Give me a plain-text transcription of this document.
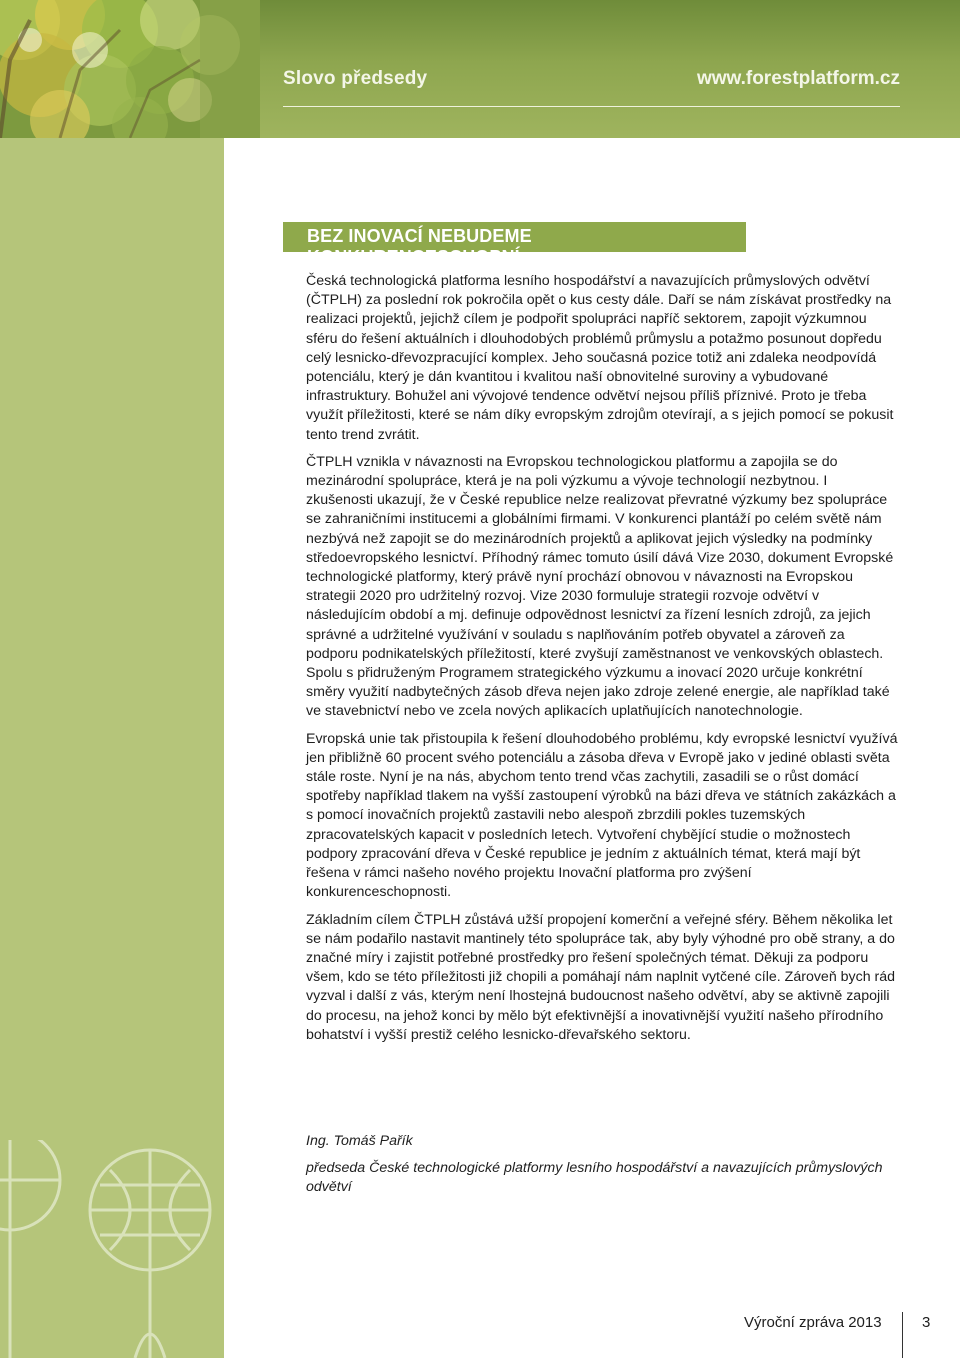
Slovo předsedy	www.forestplatform.cz
BEZ INOVACÍ NEBUDEME KONKURENCESCHOPNÍ

Česká technologická platforma lesního hospodářství a navazujících průmyslových odvětví (ČTPLH) za poslední rok pokročila opět o kus cesty dále. Daří se nám získávat prostředky na realizaci projektů, jejichž cílem je podpořit spolupráci napříč sektorem, zapojit výzkumnou sféru do řešení aktuálních i dlouhodobých problémů průmyslu a potažmo posunout dopředu celý lesnicko-dřevozpracující komplex. Jeho současná pozice totiž ani zdaleka neodpovídá potenciálu, který je dán kvantitou i kvalitou naší obnovitelné suroviny a vybudované infrastruktury. Bohužel ani vývojové tendence odvětví nejsou příliš příznivé. Proto je třeba využít příležitosti, které se nám díky evropským zdrojům otevírají, a s jejich pomocí se pokusit tento trend zvrátit.

ČTPLH vznikla v návaznosti na Evropskou technologickou platformu a zapojila se do mezinárodní spolupráce, která je na poli výzkumu a vývoje technologií nezbytnou. I zkušenosti ukazují, že v České republice nelze realizovat převratné výzkumy bez spolupráce se zahraničními institucemi a globálními firmami. V konkurenci plantáží po celém světě nám nezbývá než zapojit se do mezinárodních projektů a aplikovat jejich výsledky na podmínky středoevropského lesnictví. Příhodný rámec tomuto úsilí dává Vize 2030, dokument Evropské technologické platformy, který právě nyní prochází obnovou v návaznosti na Evropskou strategii 2020 pro udržitelný rozvoj. Vize 2030 formuluje strategii rozvoje odvětví v následujícím období a mj. definuje odpovědnost lesnictví za řízení lesních zdrojů, za jejich správné a udržitelné využívání v souladu s naplňováním potřeb obyvatel a zároveň za podporu podnikatelských příležitostí, které zvyšují zaměstnanost ve venkovských oblastech. Spolu s přidruženým Programem strategického výzkumu a inovací 2020 určuje konkrétní směry využití nadbytečných zásob dřeva nejen jako zdroje zelené energie, ale například také ve stavebnictví nebo ve zcela nových aplikacích uplatňujících nanotechnologie.

Evropská unie tak přistoupila k řešení dlouhodobého problému, kdy evropské lesnictví využívá jen přibližně 60 procent svého potenciálu a zásoba dřeva v Evropě jako v jediné oblasti světa stále roste. Nyní je na nás, abychom tento trend včas zachytili, zasadili se o růst domácí spotřeby například tlakem na vyšší zastoupení výrobků na bázi dřeva ve státních zakázkách a s pomocí inovačních projektů zastavili nebo alespoň zbrzdili pokles tuzemských zpracovatelských kapacit v posledních letech. Vytvoření chybějící studie o možnostech podpory zpracování dřeva v České republice je jedním z aktuálních témat, která mají být řešena v rámci našeho nového projektu Inovační platforma pro zvýšení konkurenceschopnosti.

Základním cílem ČTPLH zůstává užší propojení komerční a veřejné sféry. Během několika let se nám podařilo nastavit mantinely této spolupráce tak, aby byly výhodné pro obě strany, a do značné míry i zajistit potřebné prostředky pro řešení společných témat. Děkuji za podporu všem, kdo se této příležitosti již chopili a pomáhají nám naplnit vytčené cíle. Zároveň bych rád vyzval i další z vás, kterým není lhostejná budoucnost našeho odvětví, aby se aktivně zapojili do procesu, na jehož konci by mělo být efektivnější a inovativnější využití našeho přírodního bohatství i vyšší prestiž celého lesnicko-dřevařského sektoru.

Ing. Tomáš Pařík
předseda České technologické platformy lesního hospodářství a navazujících průmyslových odvětví
Výroční zpráva 2013	3
